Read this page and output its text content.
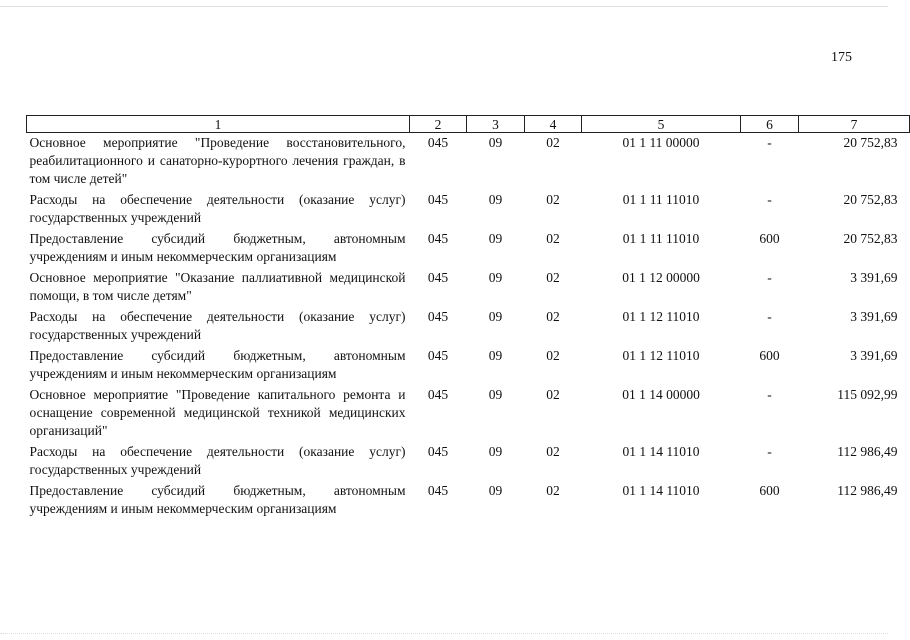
175
1	2	3	4	5	6	7
Основное мероприятие "Проведение восстановительного, реабилитационного и санаторно-курортного лечения граждан, в том числе детей"	045	09	02	01 1 11 00000	-	20 752,83
Расходы на обеспечение деятельности (оказание услуг) государственных учреждений	045	09	02	01 1 11 11010	-	20 752,83
Предоставление субсидий бюджетным, автономным учреждениям и иным некоммерческим организациям	045	09	02	01 1 11 11010	600	20 752,83
Основное мероприятие "Оказание паллиативной медицинской помощи, в том числе детям"	045	09	02	01 1 12 00000	-	3 391,69
Расходы на обеспечение деятельности (оказание услуг) государственных учреждений	045	09	02	01 1 12 11010	-	3 391,69
Предоставление субсидий бюджетным, автономным учреждениям и иным некоммерческим организациям	045	09	02	01 1 12 11010	600	3 391,69
Основное мероприятие "Проведение капитального ремонта и оснащение современной медицинской техникой медицинских организаций"	045	09	02	01 1 14 00000	-	115 092,99
Расходы на обеспечение деятельности (оказание услуг) государственных учреждений	045	09	02	01 1 14 11010	-	112 986,49
Предоставление субсидий бюджетным, автономным учреждениям и иным некоммерческим организациям	045	09	02	01 1 14 11010	600	112 986,49
